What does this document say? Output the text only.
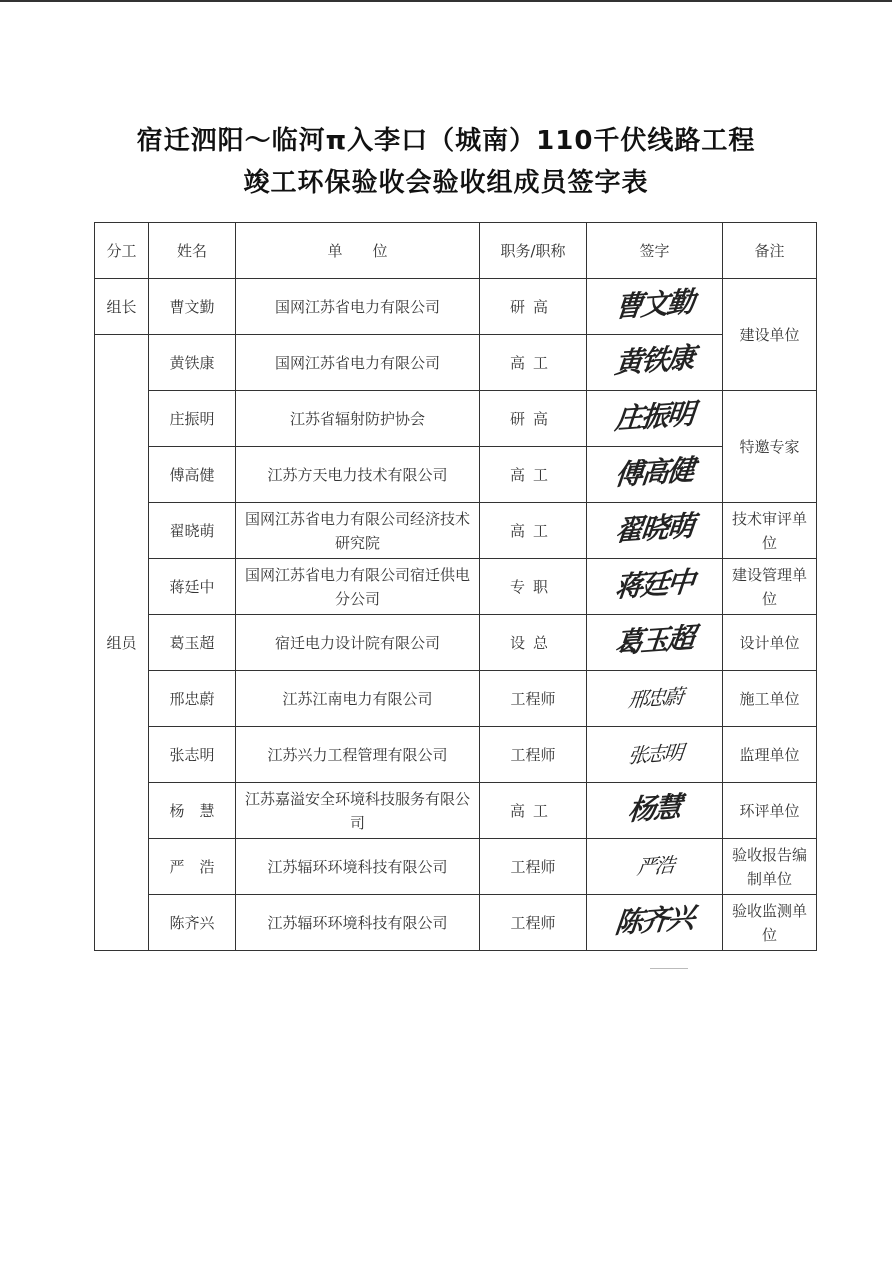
宿迁泗阳～临河π入李口（城南）110千伏线路工程
竣工环保验收会验收组成员签字表
分工	姓名	单　　位	职务/职称	签字	备注
组长	曹文勤	国网江苏省电力有限公司	研高	曹文勤	建设单位
组员	黄铁康	国网江苏省电力有限公司	高工	黄铁康	
	庄振明	江苏省辐射防护协会	研高	庄振明	特邀专家
	傅高健	江苏方天电力技术有限公司	高工	傅高健	
	翟晓萌	国网江苏省电力有限公司经济技术研究院	高工	翟晓萌	技术审评单位
	蒋廷中	国网江苏省电力有限公司宿迁供电分公司	专职	蒋廷中	建设管理单位
	葛玉超	宿迁电力设计院有限公司	设总	葛玉超	设计单位
	邢忠蔚	江苏江南电力有限公司	工程师	邢忠蔚	施工单位
	张志明	江苏兴力工程管理有限公司	工程师	张志明	监理单位
	杨　慧	江苏嘉溢安全环境科技服务有限公司	高工	杨慧	环评单位
	严　浩	江苏辐环环境科技有限公司	工程师	严浩	验收报告编制单位
	陈齐兴	江苏辐环环境科技有限公司	工程师	陈齐兴	验收监测单位
